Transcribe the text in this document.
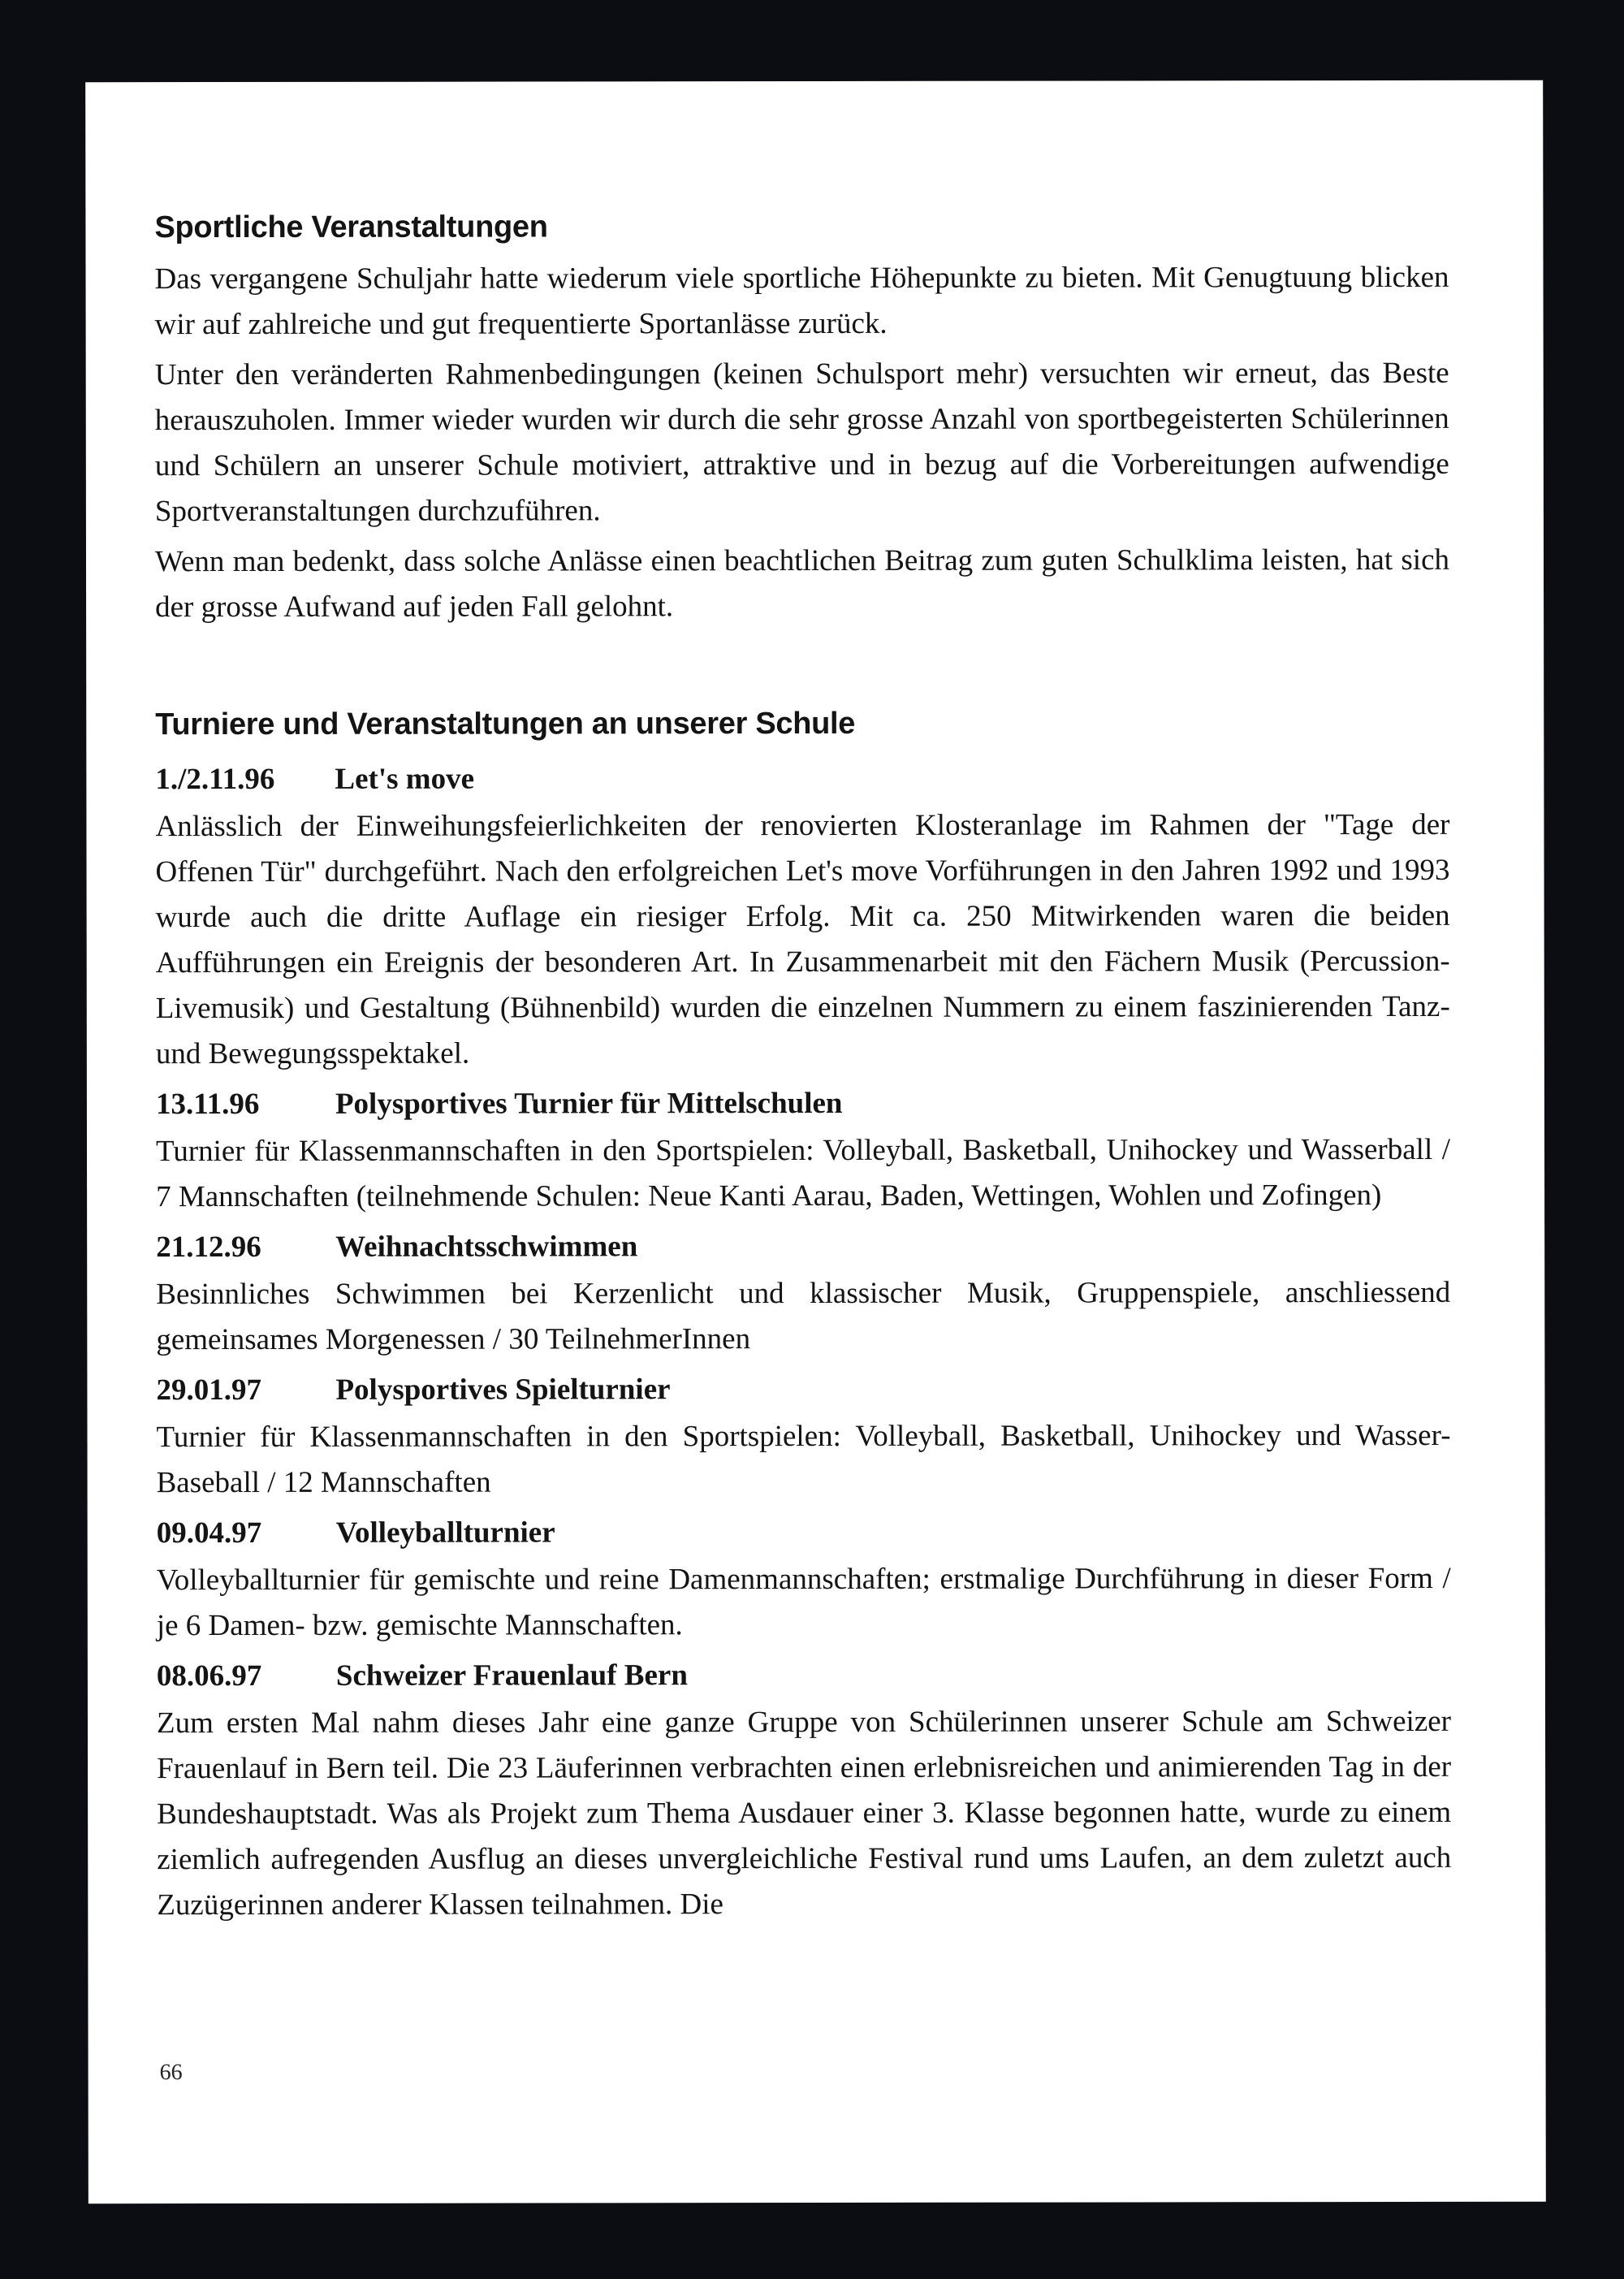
Sportliche Veranstaltungen

Das vergangene Schuljahr hatte wiederum viele sportliche Höhepunkte zu bieten. Mit Genugtuung blicken wir auf zahlreiche und gut frequentierte Sportanlässe zurück.

Unter den veränderten Rahmenbedingungen (keinen Schulsport mehr) versuchten wir erneut, das Beste herauszuholen. Immer wieder wurden wir durch die sehr grosse Anzahl von sportbegeisterten Schülerinnen und Schülern an unserer Schule motiviert, attraktive und in bezug auf die Vorbereitungen aufwendige Sportveranstaltungen durchzuführen.

Wenn man bedenkt, dass solche Anlässe einen beachtlichen Beitrag zum guten Schulklima leisten, hat sich der grosse Aufwand auf jeden Fall gelohnt.

Turniere und Veranstaltungen an unserer Schule
1./2.11.96	Let's move

Anlässlich der Einweihungsfeierlichkeiten der renovierten Klosteranlage im Rahmen der "Tage der Offenen Tür" durchgeführt. Nach den erfolgreichen Let's move Vorführungen in den Jahren 1992 und 1993 wurde auch die dritte Auflage ein riesiger Erfolg. Mit ca. 250 Mitwirkenden waren die beiden Aufführungen ein Ereignis der besonderen Art. In Zusammenarbeit mit den Fächern Musik (Percussion-Livemusik) und Gestaltung (Bühnenbild) wurden die einzelnen Nummern zu einem faszinierenden Tanz- und Bewegungsspektakel.

13.11.96	Polysportives Turnier für Mittelschulen

Turnier für Klassenmannschaften in den Sportspielen: Volleyball, Basketball, Unihockey und Wasserball / 7 Mannschaften (teilnehmende Schulen: Neue Kanti Aarau, Baden, Wettingen, Wohlen und Zofingen)

21.12.96	Weihnachtsschwimmen

Besinnliches Schwimmen bei Kerzenlicht und klassischer Musik, Gruppenspiele, anschliessend gemeinsames Morgenessen / 30 TeilnehmerInnen

29.01.97	Polysportives Spielturnier

Turnier für Klassenmannschaften in den Sportspielen: Volleyball, Basketball, Unihockey und Wasser-Baseball / 12 Mannschaften

09.04.97	Volleyballturnier

Volleyballturnier für gemischte und reine Damenmannschaften; erstmalige Durchführung in dieser Form / je 6 Damen- bzw. gemischte Mannschaften.

08.06.97	Schweizer Frauenlauf Bern

Zum ersten Mal nahm dieses Jahr eine ganze Gruppe von Schülerinnen unserer Schule am Schweizer Frauenlauf in Bern teil. Die 23 Läuferinnen verbrachten einen erlebnisreichen und animierenden Tag in der Bundeshauptstadt. Was als Projekt zum Thema Ausdauer einer 3. Klasse begonnen hatte, wurde zu einem ziemlich aufregenden Ausflug an dieses unvergleichliche Festival rund ums Laufen, an dem zuletzt auch Zuzügerinnen anderer Klassen teilnahmen. Die

66
